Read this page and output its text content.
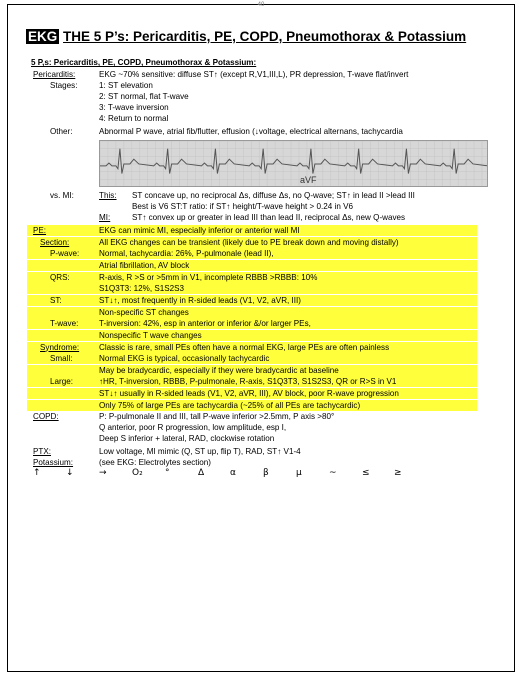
40
EKG THE 5 P’s: Pericarditis, PE, COPD, Pneumothorax & Potassium
5 P,s: Pericarditis, PE, COPD, Pneumothorax & Potassium:
Pericarditis:	EKG ~70% sensitive: diffuse ST↑ (except R,V1,III,L), PR depression, T-wave flat/invert
Stages:	1: ST elevation
2: ST normal, flat T-wave
3: T-wave inversion
4: Return to normal
Other:	Abnormal P wave, atrial fib/flutter, effusion (↓voltage, electrical alternans, tachycardia
aVF
vs. MI:	This: ST concave up, no reciprocal Δs, diffuse Δs, no Q-wave; ST↑ in lead II >lead III
Best is V6 ST:T ratio: if ST↑ height/T-wave height > 0.24 in V6
MI:	ST↑ convex up or greater in lead III than lead II, reciprocal Δs, new Q-waves
PE:	EKG can mimic MI, especially inferior or anterior wall MI
Section:	All EKG changes can be transient (likely due to PE break down and moving distally)
P-wave: Normal, tachycardia: 26%, P-pulmonale (lead II),
Atrial fibrillation, AV block
QRS:	R-axis, R >S or >5mm in V1, incomplete RBBB >RBBB: 10%
S1Q3T3: 12%, S1S2S3
ST:	ST↓↑, most frequently in R-sided leads (V1, V2, aVR, III)
Non-specific ST changes
T-wave:	T-inversion: 42%, esp in anterior or inferior &/or larger PEs,
Nonspecific T wave changes
Syndrome: Classic is rare, small PEs often have a normal EKG, large PEs are often painless
Small:	Normal EKG is typical, occasionally tachycardic
May be bradycardic, especially if they were bradycardic at baseline
Large:	↑HR, T-inversion, RBBB, P-pulmonale, R-axis, S1Q3T3, S1S2S3, QR or R>S in V1
ST↓↑ usually in R-sided leads (V1, V2, aVR, III), AV block, poor R-wave progression
Only 75% of large PEs are tachycardia (~25% of all PEs are tachycardic)
COPD:	P: P-pulmonale II and III, tall P-wave inferior >2.5mm, P axis >80°
Q anterior, poor R progression, low amplitude, esp I,
Deep S inferior + lateral, RAD, clockwise rotation
PTX:	Low voltage, MI mimic (Q, ST up, flip T), RAD, ST↑ V1-4
Potassium:	(see EKG: Electrolytes section)
↑	↓	→	O₂ °	Δ	α	β	µ	~	≤	≥
